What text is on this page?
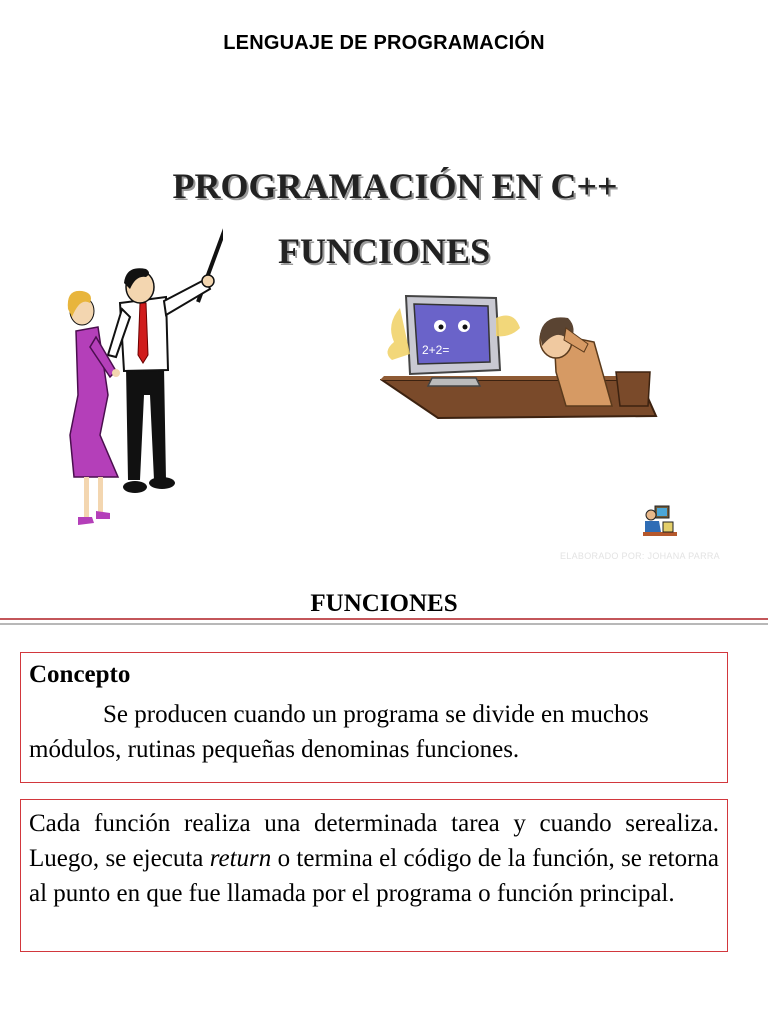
LENGUAJE DE PROGRAMACIÓN
PROGRAMACIÓN EN C++
FUNCIONES
2+2=
ELABORADO POR: JOHANA PARRA
FUNCIONES
Concepto

Se producen cuando un programa se divide en muchos módulos, rutinas pequeñas denominas funciones.

Cada función realiza una determinada tarea y cuando serealiza. Luego, se ejecuta return o termina el código de la función, se retorna al punto en que fue llamada por el programa o función principal.
